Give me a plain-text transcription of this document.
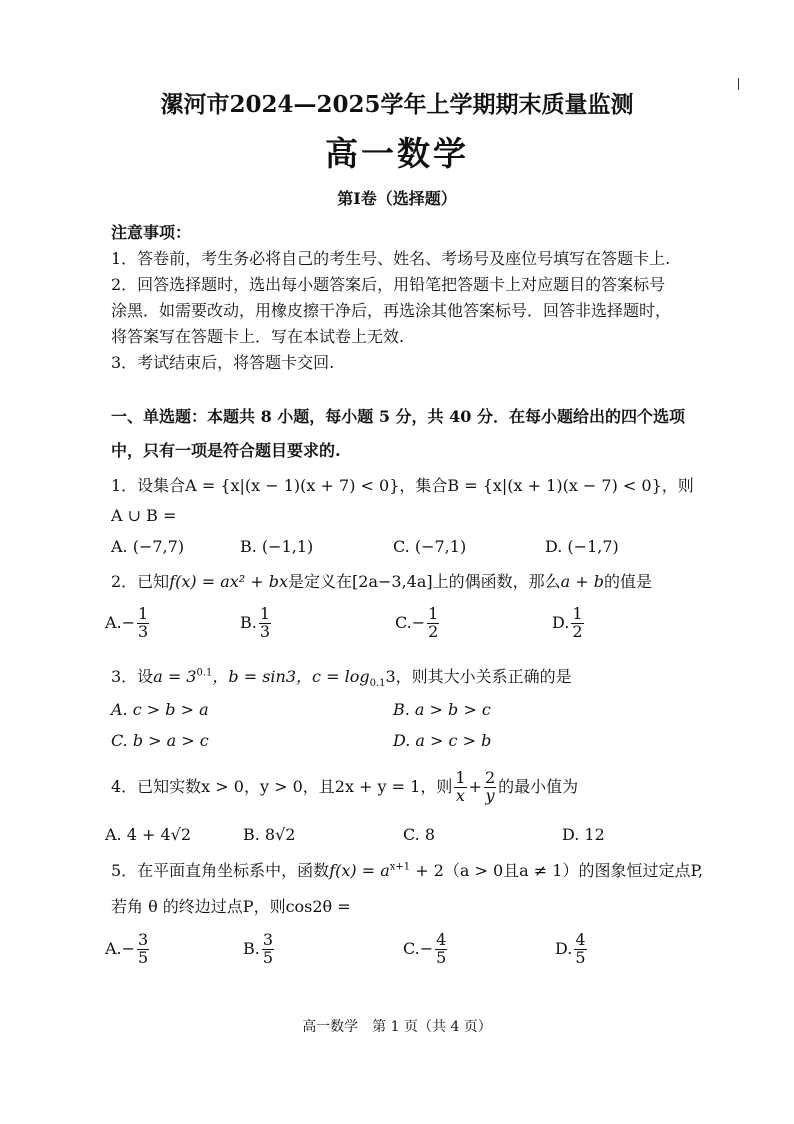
漯河市2024—2025学年上学期期末质量监测
高一数学
第Ⅰ卷（选择题）
注意事项：
1．答卷前，考生务必将自己的考生号、姓名、考场号及座位号填写在答题卡上.
2．回答选择题时，选出每小题答案后，用铅笔把答题卡上对应题目的答案标号
涂黑．如需要改动，用橡皮擦干净后，再选涂其他答案标号．回答非选择题时，
将答案写在答题卡上．写在本试卷上无效.
3．考试结束后，将答题卡交回.
一、单选题：本题共 8 小题，每小题 5 分，共 40 分．在每小题给出的四个选项
中，只有一项是符合题目要求的.
1．设集合A = {x|(x − 1)(x + 7) < 0}，集合B = {x|(x + 1)(x − 7) < 0}，则
A ∪ B =
A. (−7,7)	B. (−1,1)	C. (−7,1)	D. (−1,7)
2．已知f(x) = ax² + bx是定义在[2a−3,4a]上的偶函数，那么a + b的值是
$A.- \frac{1}{3}$	B. $\frac{1}{3}$	$C.- \frac{1}{2}$	D. $\frac{1}{2}$
3．设$a = 3^{0.1}$，b = sin3，$c = \log_{0.1}3$，则其大小关系正确的是
A. c > b > a	B. a > b > c
C. b > a > c	D. a > c > b
4．已知实数x > 0，y > 0，且2x + y = 1，则 $\frac{1}{x} + \frac{2}{y}$ 的最小值为
A. 4 + 4√2	B. 8√2	C. 8	D. 12
5．在平面直角坐标系中，函数$f(x) = a^{x+1} + 2(a > 0$且a ≠ 1）的图象恒过定点P,
若角 θ 的终边过点P，则cos2θ =
$A.- \frac{3}{5}$	B. $\frac{3}{5}$	$C.- \frac{4}{5}$	D. $\frac{4}{5}$
高一数学　第 1 页（共 4 页）
